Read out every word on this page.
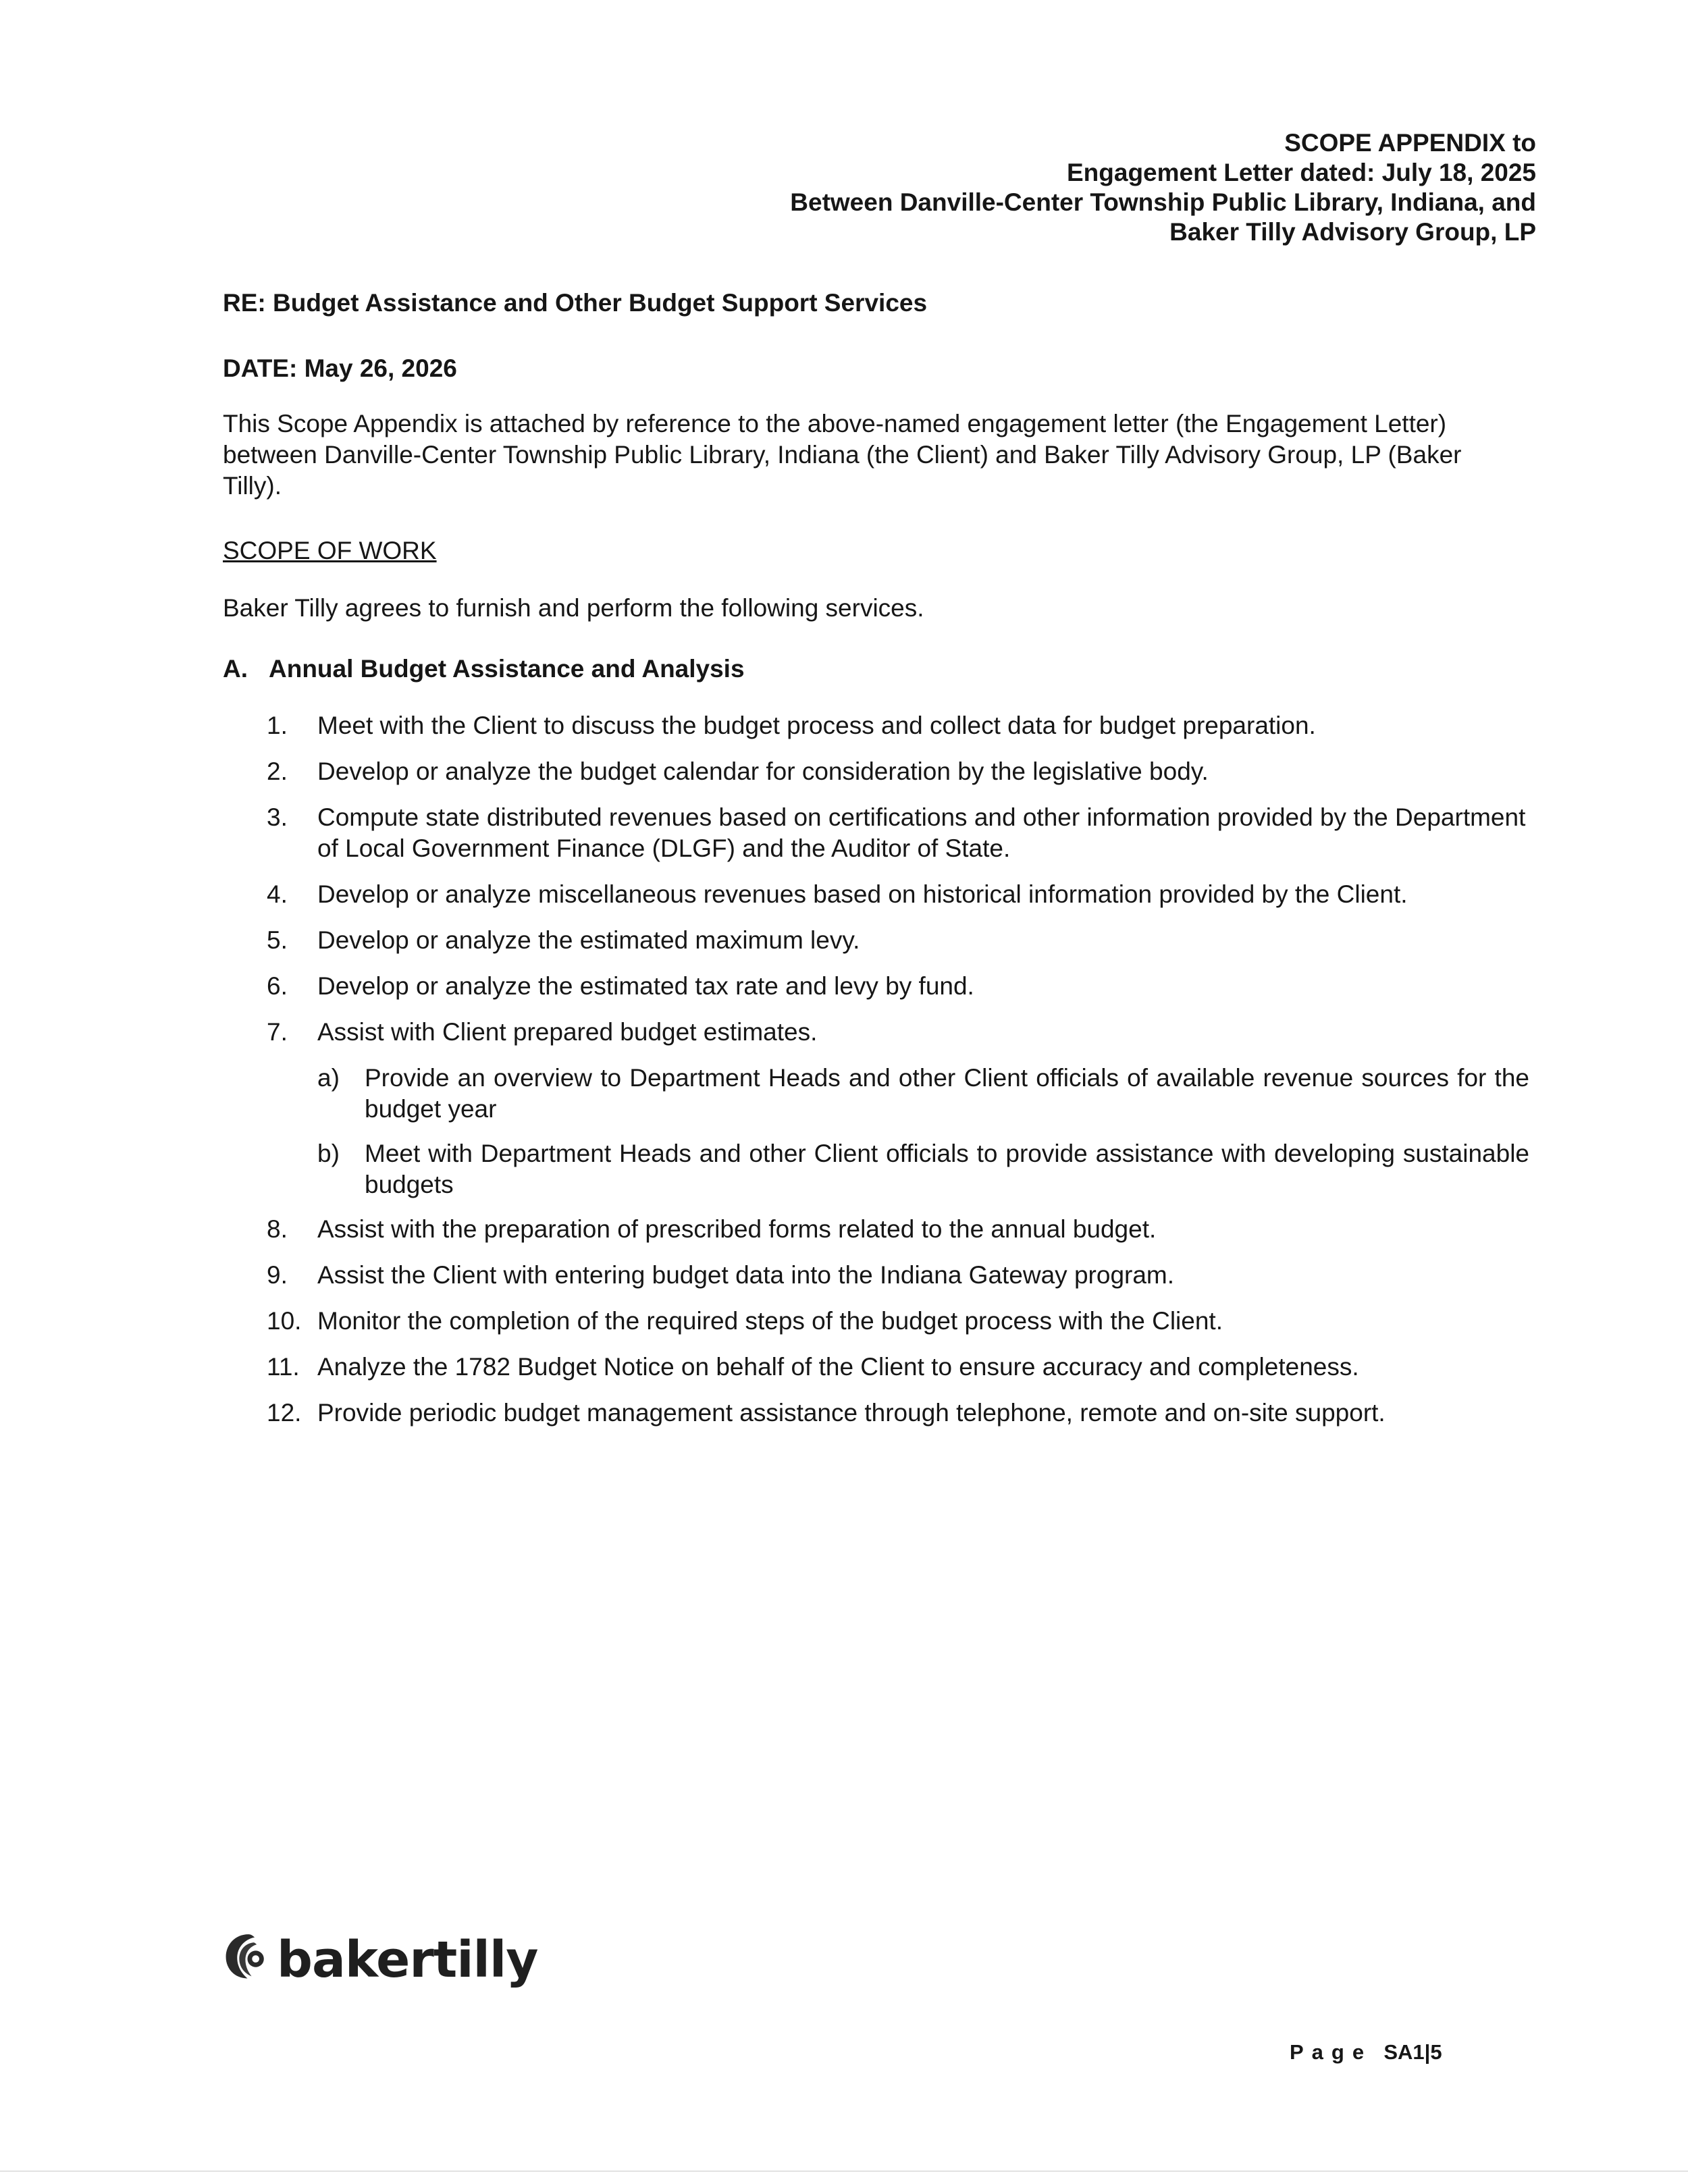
SCOPE APPENDIX to
Engagement Letter dated: July 18, 2025
Between Danville-Center Township Public Library, Indiana, and
Baker Tilly Advisory Group, LP
RE: Budget Assistance and Other Budget Support Services
DATE: May 26, 2026
This Scope Appendix is attached by reference to the above-named engagement letter (the Engagement Letter) between Danville-Center Township Public Library, Indiana (the Client) and Baker Tilly Advisory Group, LP (Baker Tilly).
SCOPE OF WORK
Baker Tilly agrees to furnish and perform the following services.
A. Annual Budget Assistance and Analysis
1.	Meet with the Client to discuss the budget process and collect data for budget preparation.
2.	Develop or analyze the budget calendar for consideration by the legislative body.
3.	Compute state distributed revenues based on certifications and other information provided by the Department of Local Government Finance (DLGF) and the Auditor of State.
4.	Develop or analyze miscellaneous revenues based on historical information provided by the Client.
5.	Develop or analyze the estimated maximum levy.
6.	Develop or analyze the estimated tax rate and levy by fund.
7.	Assist with Client prepared budget estimates.
a)	Provide an overview to Department Heads and other Client officials of available revenue sources for the budget year
b)	Meet with Department Heads and other Client officials to provide assistance with developing sustainable budgets
8.	Assist with the preparation of prescribed forms related to the annual budget.
9.	Assist the Client with entering budget data into the Indiana Gateway program.
10. Monitor the completion of the required steps of the budget process with the Client.
11. Analyze the 1782 Budget Notice on behalf of the Client to ensure accuracy and completeness.
12. Provide periodic budget management assistance through telephone, remote and on-site support.
bakertilly
Page SA1|5
